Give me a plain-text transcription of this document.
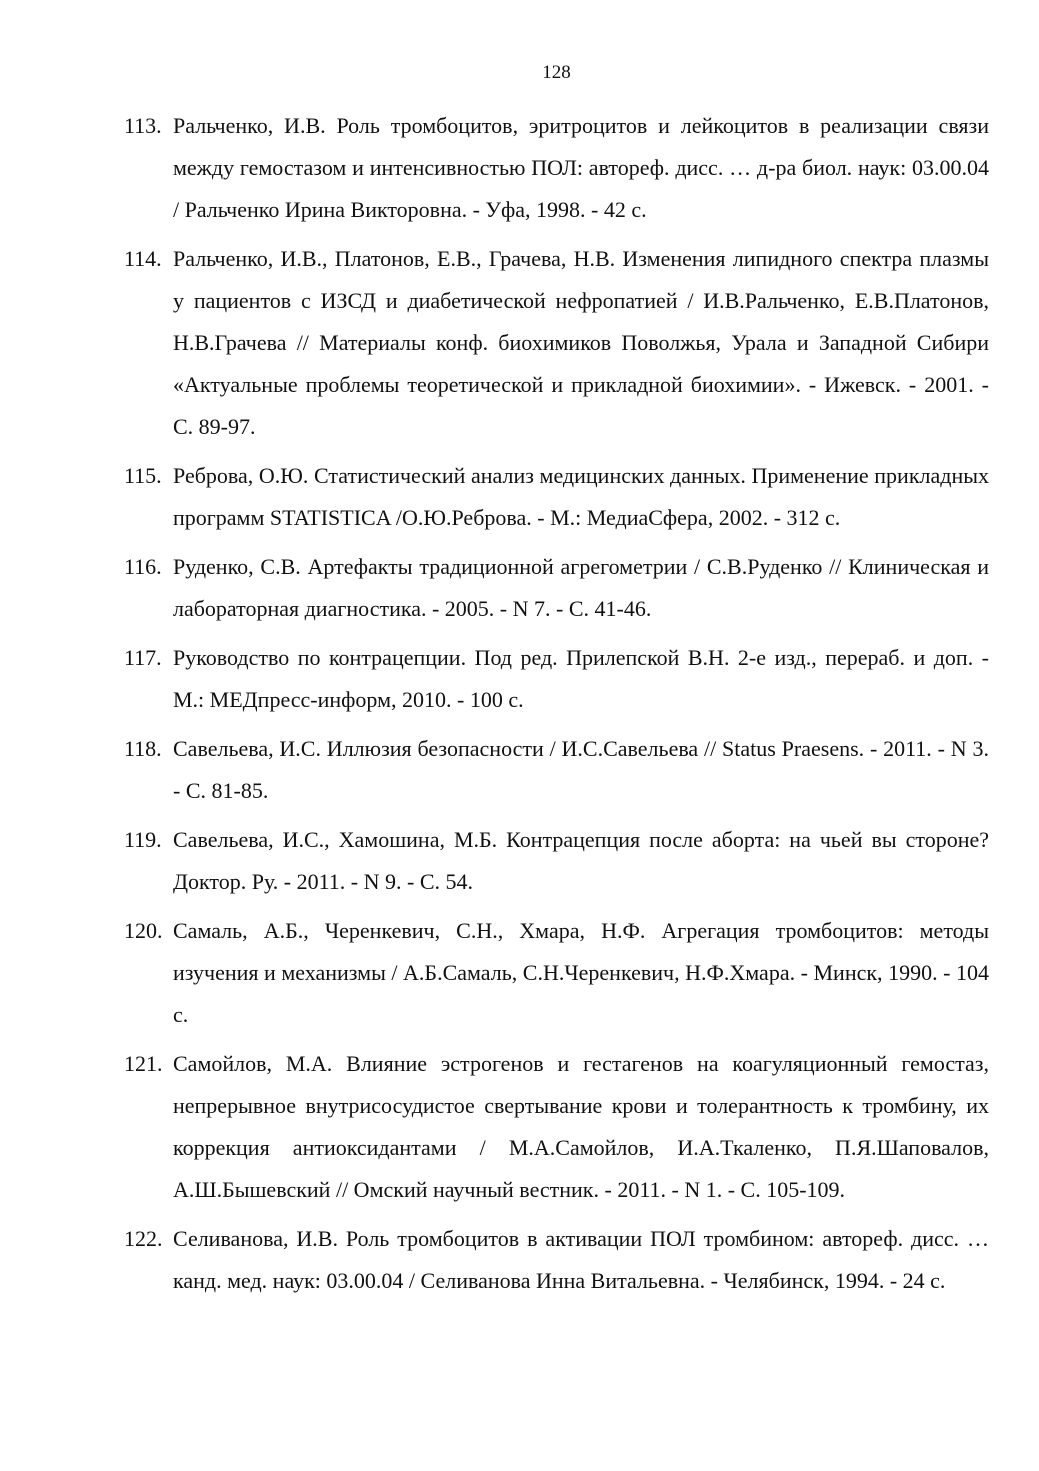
128
113. Ральченко, И.В. Роль тромбоцитов, эритроцитов и лейкоцитов в реализации связи между гемостазом и интенсивностью ПОЛ: автореф. дисс. … д-ра биол. наук: 03.00.04 / Ральченко Ирина Викторовна. - Уфа, 1998. - 42 с.
114. Ральченко, И.В., Платонов, Е.В., Грачева, Н.В. Изменения липидного спектра плазмы у пациентов с ИЗСД и диабетической нефропатией / И.В.Ральченко, Е.В.Платонов, Н.В.Грачева // Материалы конф. биохимиков Поволжья, Урала и Западной Сибири «Актуальные проблемы теоретической и прикладной биохимии». - Ижевск. - 2001. - С. 89-97.
115. Реброва, О.Ю. Статистический анализ медицинских данных. Применение прикладных программ STATISTICA /О.Ю.Реброва. - М.: МедиаСфера, 2002. - 312 с.
116. Руденко, С.В. Артефакты традиционной агрегометрии / С.В.Руденко // Клиническая и лабораторная диагностика. - 2005. - N 7. - С. 41-46.
117. Руководство по контрацепции. Под ред. Прилепской В.Н. 2-е изд., перераб. и доп. - М.: МЕДпресс-информ, 2010. - 100 с.
118. Савельева, И.С. Иллюзия безопасности / И.С.Савельева // Status Praesens. - 2011. - N 3. - С. 81-85.
119. Савельева, И.С., Хамошина, М.Б. Контрацепция после аборта: на чьей вы стороне? Доктор. Ру. - 2011. - N 9. - С. 54.
120. Самаль, А.Б., Черенкевич, С.Н., Хмара, Н.Ф. Агрегация тромбоцитов: методы изучения и механизмы / А.Б.Самаль, С.Н.Черенкевич, Н.Ф.Хмара. - Минск, 1990. - 104 с.
121. Самойлов, М.А. Влияние эстрогенов и гестагенов на коагуляционный гемостаз, непрерывное внутрисосудистое свертывание крови и толерантность к тромбину, их коррекция антиоксидантами / М.А.Самойлов, И.А.Ткаленко, П.Я.Шаповалов, А.Ш.Бышевский // Омский научный вестник. - 2011. - N 1. - С. 105-109.
122. Селиванова, И.В. Роль тромбоцитов в активации ПОЛ тромбином: автореф. дисс. … канд. мед. наук: 03.00.04 / Селиванова Инна Витальевна. - Челябинск, 1994. - 24 с.
